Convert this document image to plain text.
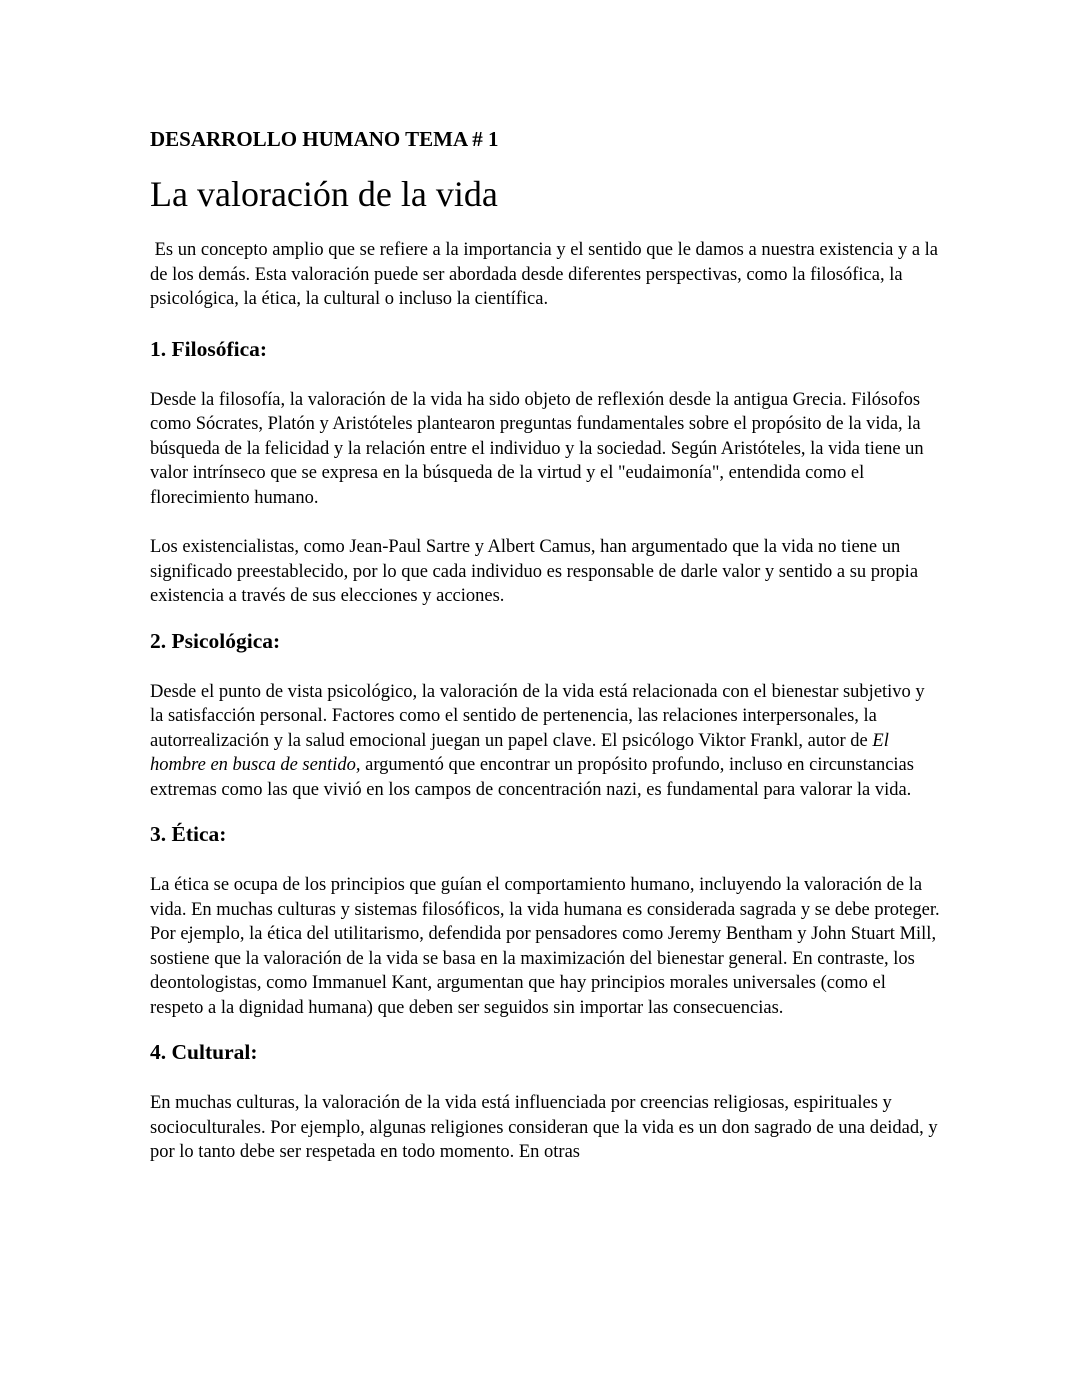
DESARROLLO HUMANO TEMA # 1
La valoración de la vida

Es un concepto amplio que se refiere a la importancia y el sentido que le damos a nuestra existencia y a la de los demás. Esta valoración puede ser abordada desde diferentes perspectivas, como la filosófica, la psicológica, la ética, la cultural o incluso la científica.

1. Filosófica:

Desde la filosofía, la valoración de la vida ha sido objeto de reflexión desde la antigua Grecia. Filósofos como Sócrates, Platón y Aristóteles plantearon preguntas fundamentales sobre el propósito de la vida, la búsqueda de la felicidad y la relación entre el individuo y la sociedad. Según Aristóteles, la vida tiene un valor intrínseco que se expresa en la búsqueda de la virtud y el "eudaimonía", entendida como el florecimiento humano.

Los existencialistas, como Jean-Paul Sartre y Albert Camus, han argumentado que la vida no tiene un significado preestablecido, por lo que cada individuo es responsable de darle valor y sentido a su propia existencia a través de sus elecciones y acciones.

2. Psicológica:

Desde el punto de vista psicológico, la valoración de la vida está relacionada con el bienestar subjetivo y la satisfacción personal. Factores como el sentido de pertenencia, las relaciones interpersonales, la autorrealización y la salud emocional juegan un papel clave. El psicólogo Viktor Frankl, autor de El hombre en busca de sentido, argumentó que encontrar un propósito profundo, incluso en circunstancias extremas como las que vivió en los campos de concentración nazi, es fundamental para valorar la vida.

3. Ética:

La ética se ocupa de los principios que guían el comportamiento humano, incluyendo la valoración de la vida. En muchas culturas y sistemas filosóficos, la vida humana es considerada sagrada y se debe proteger. Por ejemplo, la ética del utilitarismo, defendida por pensadores como Jeremy Bentham y John Stuart Mill, sostiene que la valoración de la vida se basa en la maximización del bienestar general. En contraste, los deontologistas, como Immanuel Kant, argumentan que hay principios morales universales (como el respeto a la dignidad humana) que deben ser seguidos sin importar las consecuencias.

4. Cultural:

En muchas culturas, la valoración de la vida está influenciada por creencias religiosas, espirituales y socioculturales. Por ejemplo, algunas religiones consideran que la vida es un don sagrado de una deidad, y por lo tanto debe ser respetada en todo momento. En otras
